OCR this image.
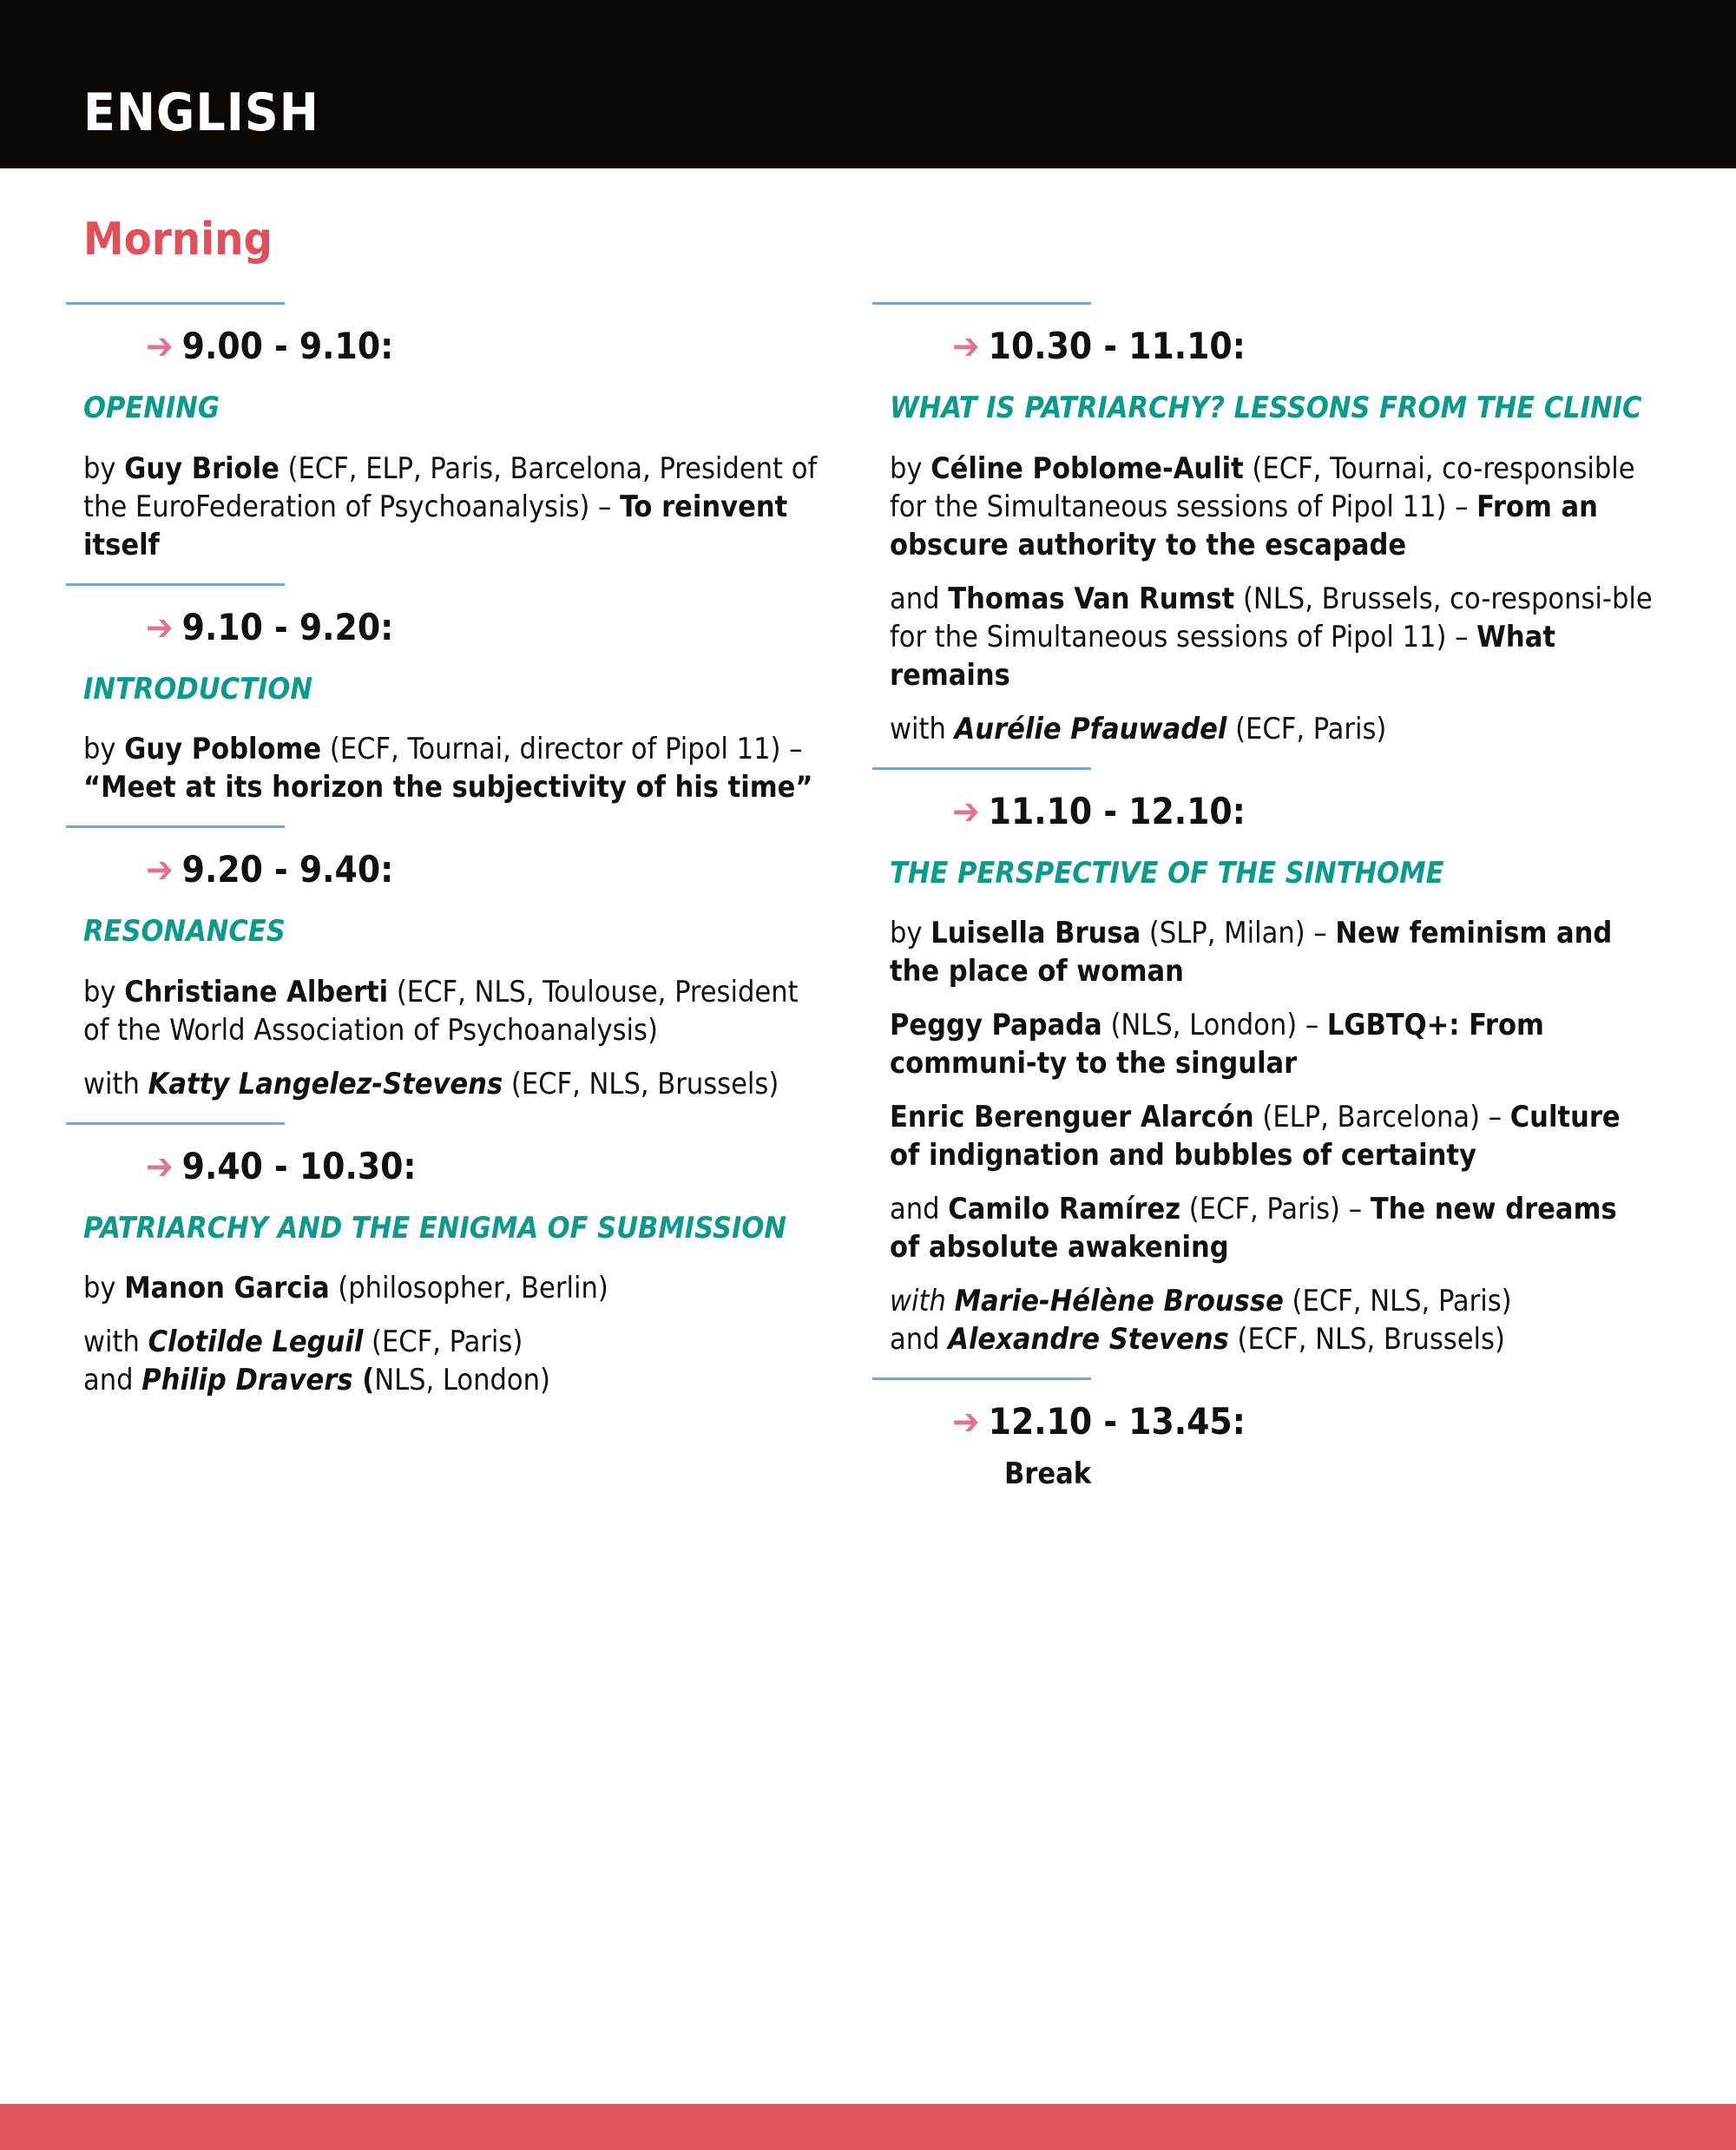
ENGLISH
Morning
➔ 9.00 - 9.10:
OPENING

by Guy Briole (ECF, ELP, Paris, Barcelona, President of the EuroFederation of Psychoanalysis) – To reinvent itself

➔ 9.10 - 9.20:
INTRODUCTION

by Guy Poblome (ECF, Tournai, director of Pipol 11) – “Meet at its horizon the subjectivity of his time”

➔ 9.20 - 9.40:
RESONANCES

by Christiane Alberti (ECF, NLS, Toulouse, President of the World Association of Psychoanalysis)

with Katty Langelez-Stevens (ECF, NLS, Brussels)

➔ 9.40 - 10.30:
PATRIARCHY AND THE ENIGMA OF SUBMISSION

by Manon Garcia (philosopher, Berlin)

with Clotilde Leguil (ECF, Paris)
and Philip Dravers (NLS, London)

➔ 10.30 - 11.10:
WHAT IS PATRIARCHY? LESSONS FROM THE CLINIC

by Céline Poblome-Aulit (ECF, Tournai, co-responsible for the Simultaneous sessions of Pipol 11) – From an obscure authority to the escapade

and Thomas Van Rumst (NLS, Brussels, co-responsi-ble for the Simultaneous sessions of Pipol 11) – What remains

with Aurélie Pfauwadel (ECF, Paris)

➔ 11.10 - 12.10:
THE PERSPECTIVE OF THE SINTHOME

by Luisella Brusa (SLP, Milan) – New feminism and the place of woman

Peggy Papada (NLS, London) – LGBTQ+: From communi-ty to the singular

Enric Berenguer Alarcón (ELP, Barcelona) – Culture of indignation and bubbles of certainty

and Camilo Ramírez (ECF, Paris) – The new dreams of absolute awakening

with Marie-Hélène Brousse (ECF, NLS, Paris)
and Alexandre Stevens (ECF, NLS, Brussels)

➔ 12.10 - 13.45:
Break
